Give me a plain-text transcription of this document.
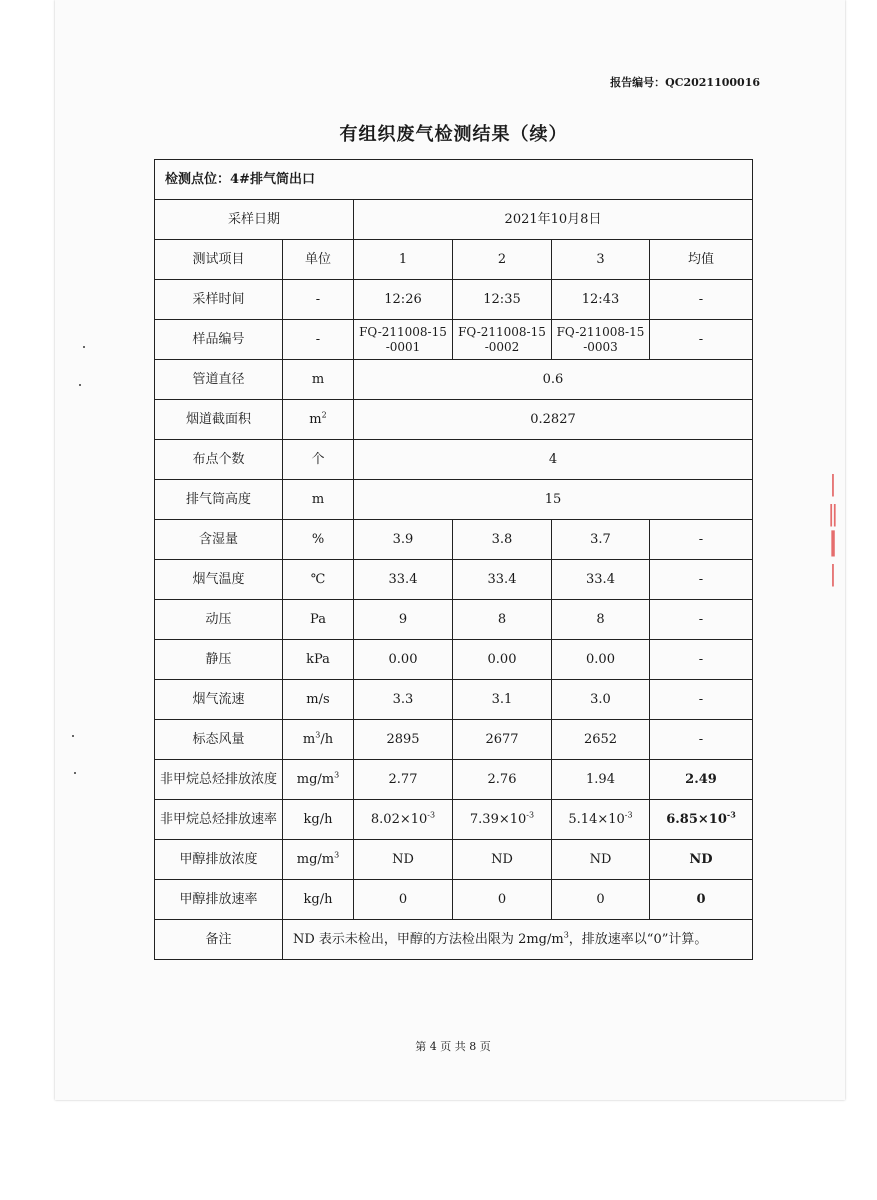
|
‖
┃
|
报告编号：QC2021100016
有组织废气检测结果（续）
检测点位：4#排气筒出口					
采样日期		2021年10月8日			
测试项目	单位	1	2	3	均值
采样时间	-	12:26	12:35	12:43	-
样品编号	-	FQ-211008-15 -0001	FQ-211008-15 -0002	FQ-211008-15 -0003	-
管道直径	m	0.6			
烟道截面积	$m^2$	0.2827			
布点个数	个	4			
排气筒高度	m	15			
含湿量	%	3.9	3.8	3.7	-
烟气温度	℃	33.4	33.4	33.4	-
动压	Pa	9	8	8	-
静压	kPa	0.00	0.00	0.00	-
烟气流速	m/s	3.3	3.1	3.0	-
标态风量	$m^3/h$	2895	2677	2652	-
非甲烷总烃排放浓度	$mg/m^3$	2.77	2.76	1.94	2.49
非甲烷总烃排放速率	kg/h	$8.02\times 10^{-3}$	$7.39\times 10^{-3}$	$5.14\times 10^{-3}$	$6.85\times 10^{-3}$
甲醇排放浓度	$mg/m^3$	ND	ND	ND	ND
甲醇排放速率	kg/h	0	0	0	0
备注	ND 表示未检出，甲醇的方法检出限为 $2mg/m^3$，排放速率以“0”计算。				
第 4 页 共 8 页
